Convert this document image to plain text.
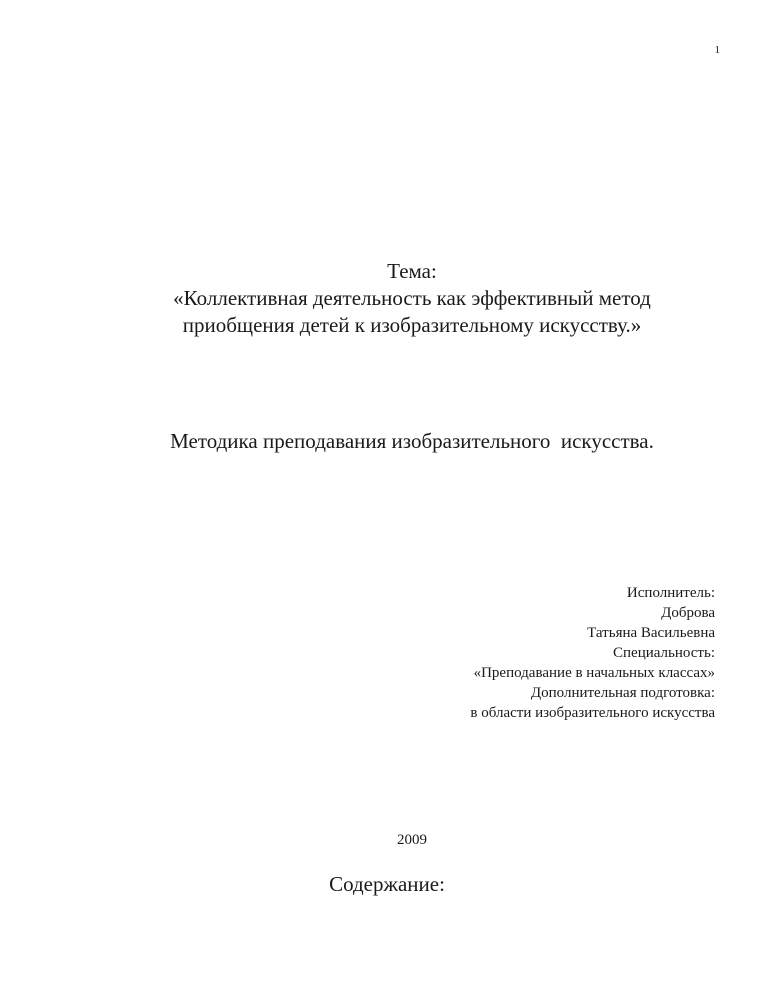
1
Тема:
«Коллективная деятельность как эффективный метод
приобщения детей к изобразительному искусству.»
Методика преподавания изобразительного  искусства.
Исполнитель:
Доброва
Татьяна Васильевна
Специальность:
«Преподавание в начальных классах»
Дополнительная подготовка:
в области изобразительного искусства
2009
Содержание:
